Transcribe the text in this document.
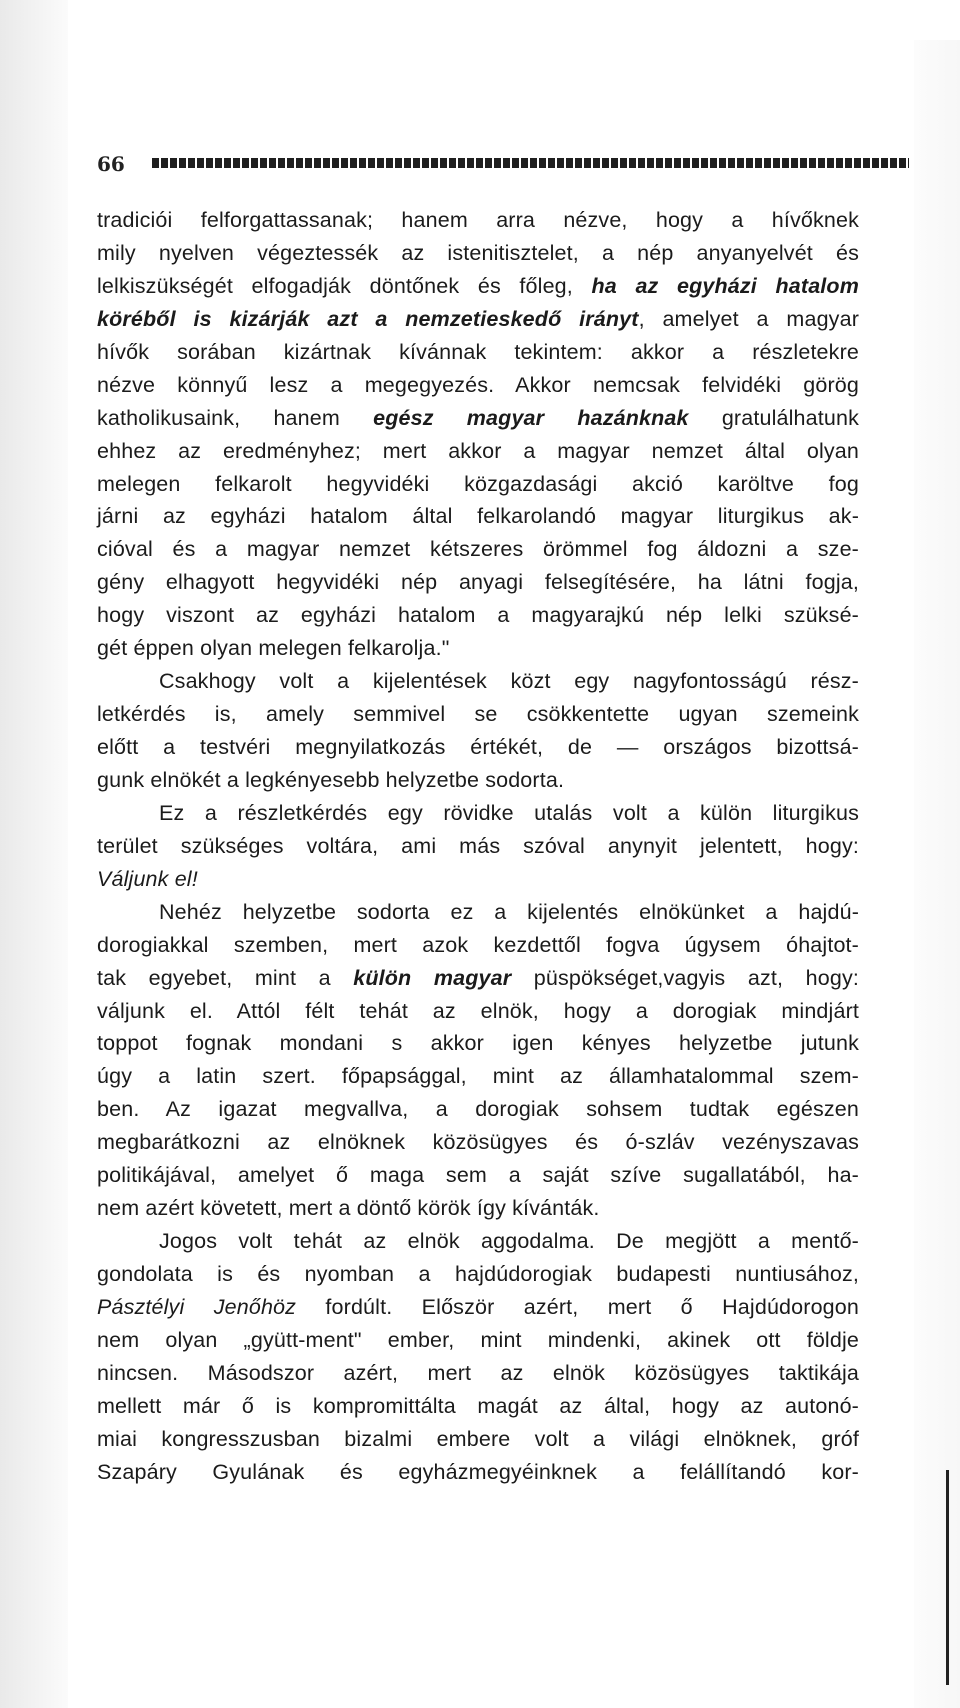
66
tradiciói felforgattassanak; hanem arra nézve, hogy a hívőknek
mily nyelven végeztessék az istenitisztelet, a nép anyanyelvét és
lelkiszükségét elfogadják döntőnek és főleg, ha az egyházi hatalom
köréből is kizárják azt a nemzetieskedő irányt, amelyet a magyar
hívők sorában kizártnak kívánnak tekintem: akkor a részletekre
nézve könnyű lesz a megegyezés. Akkor nemcsak felvidéki görög
katholikusaink, hanem egész magyar hazánknak gratulálhatunk
ehhez az eredményhez; mert akkor a magyar nemzet által olyan
melegen felkarolt hegyvidéki közgazdasági akció karöltve fog
járni az egyházi hatalom által felkarolandó magyar liturgikus ak-
cióval és a magyar nemzet kétszeres örömmel fog áldozni a sze-
gény elhagyott hegyvidéki nép anyagi felsegítésére, ha látni fogja,
hogy viszont az egyházi hatalom a magyarajkú nép lelki szüksé-
gét éppen olyan melegen felkarolja."
Csakhogy volt a kijelentések közt egy nagyfontosságú rész-
letkérdés is, amely semmivel se csökkentette ugyan szemeink
előtt a testvéri megnyilatkozás értékét, de — országos bizottsá-
gunk elnökét a legkényesebb helyzetbe sodorta.
Ez a részletkérdés egy rövidke utalás volt a külön liturgikus
terület szükséges voltára, ami más szóval anynyit jelentett, hogy:
Váljunk el!
Nehéz helyzetbe sodorta ez a kijelentés elnökünket a hajdú-
dorogiakkal szemben, mert azok kezdettől fogva úgysem óhajtot-
tak egyebet, mint a külön magyar püspökséget,vagyis azt, hogy:
váljunk el. Attól félt tehát az elnök, hogy a dorogiak mindjárt
toppot fognak mondani s akkor igen kényes helyzetbe jutunk
úgy a latin szert. főpapsággal, mint az államhatalommal szem-
ben. Az igazat megvallva, a dorogiak sohsem tudtak egészen
megbarátkozni az elnöknek közösügyes és ó-szláv vezényszavas
politikájával, amelyet ő maga sem a saját szíve sugallatából, ha-
nem azért követett, mert a döntő körök így kívánták.
Jogos volt tehát az elnök aggodalma. De megjött a mentő-
gondolata is és nyomban a hajdúdorogiak budapesti nuntiusához,
Pásztélyi Jenőhöz fordúlt. Először azért, mert ő Hajdúdorogon
nem olyan „gyütt-ment" ember, mint mindenki, akinek ott földje
nincsen. Másodszor azért, mert az elnök közösügyes taktikája
mellett már ő is kompromittálta magát az által, hogy az autonó-
miai kongresszusban bizalmi embere volt a világi elnöknek, gróf
Szapáry Gyulának és egyházmegyéinknek a felállítandó kor-
